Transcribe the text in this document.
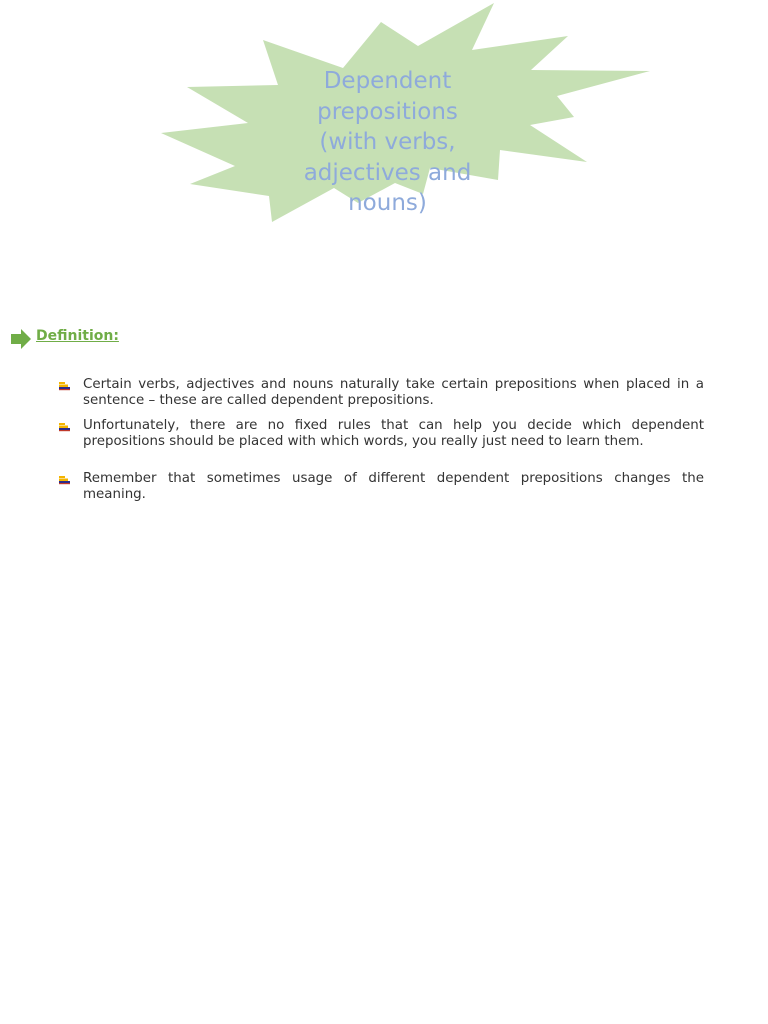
Dependent prepositions (with verbs, adjectives and nouns)
Definition:
Certain verbs, adjectives and nouns naturally take certain prepositions when placed in a sentence – these are called dependent prepositions.
Unfortunately, there are no fixed rules that can help you decide which dependent prepositions should be placed with which words, you really just need to learn them.
Remember that sometimes usage of different dependent prepositions changes the meaning.
